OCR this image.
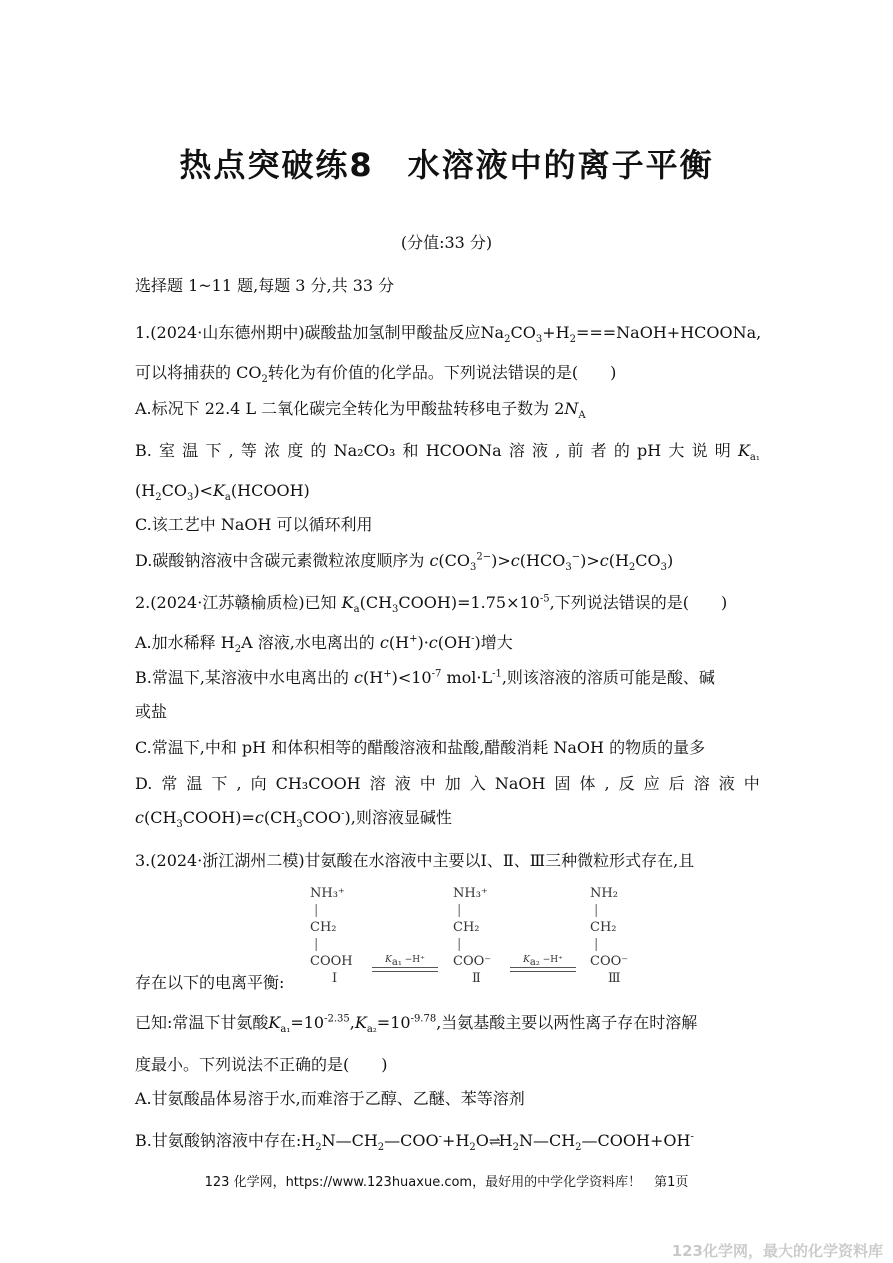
热点突破练8　水溶液中的离子平衡
(分值:33 分)
选择题 1~11 题,每题 3 分,共 33 分
1.(2024·山东德州期中)碳酸盐加氢制甲酸盐反应$Na_2CO_3+H_2===NaOH+HCOONa$,
可以将捕获的 $CO_2$转化为有价值的化学品。下列说法错误的是(　　)
A.标况下 22.4 L 二氧化碳完全转化为甲酸盐转移电子数为 $2N_A$
B. 室 温 下 , 等 浓 度 的 Na₂CO₃ 和 HCOONa 溶 液 , 前 者 的 pH 大 说 明 $K_{a_1}$
$(H_2CO_3)<K_a(HCOOH)$
C.该工艺中 NaOH 可以循环利用
D.碳酸钠溶液中含碳元素微粒浓度顺序为 $c(CO_3^{2-})>c(HCO_3^-)>c(H_2CO_3)$
2.(2024·江苏赣榆质检)已知 $K_a(CH_3COOH)=1.75\times 10^{-5}$,下列说法错误的是(　　)
A.加水稀释 $H_2A$ 溶液,水电离出的 c(H+)·c(OH-)增大
B.常温下,某溶液中水电离出的 $c(H^+)<10^{-7}$ $mol\cdot L^{-1}$,则该溶液的溶质可能是酸、碱
或盐
C.常温下,中和 pH 和体积相等的醋酸溶液和盐酸,醋酸消耗 NaOH 的物质的量多
D. 常 温 下 , 向 CH₃COOH 溶 液 中 加 入 NaOH 固 体 , 反 应 后 溶 液 中
$c(CH_3COOH)=c(CH_3COO^-)$,则溶液显碱性
3.(2024·浙江湖州二模)甘氨酸在水溶液中主要以Ⅰ、Ⅱ、Ⅲ三种微粒形式存在,且
NH₃⁺
|
CH₂
|
COOH
NH₃⁺
|
CH₂
|
COO⁻
NH₂
|
CH₂
|
COO⁻
Ⅰ	Ⅱ	Ⅲ
$K_{a_1} -H^+$	$K_{a_2} -H^+$
存在以下的电离平衡:
已知:常温下甘氨酸$K_{a_1}=10^{-2.35},K_{a_2}=10^{-9.78}$,当氨基酸主要以两性离子存在时溶解
度最小。下列说法不正确的是(　　)
A.甘氨酸晶体易溶于水,而难溶于乙醇、乙醚、苯等溶剂
B.甘氨酸钠溶液中存在$:H_2N—CH_2—COO^-+H_2O\rightleftharpoons H_2N—CH_2—COOH+OH^-$
123 化学网，https://www.123huaxue.com，最好用的中学化学资料库！　第1页
123化学网，最大的化学资料库
